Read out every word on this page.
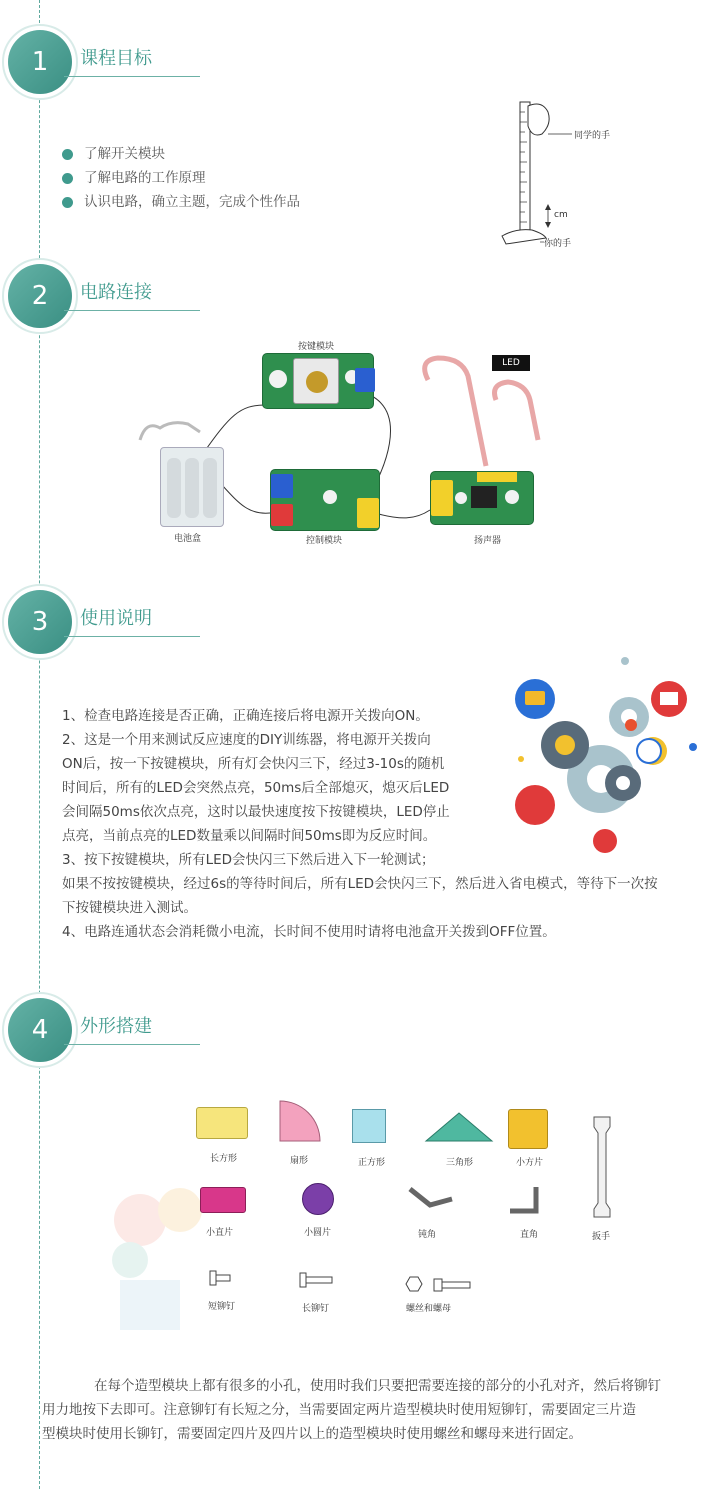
1	课程目标
了解开关模块
了解电路的工作原理
认识电路，确立主题，完成个性作品
同学的手
cm
你的手
2	电路连接
按键模块
电池盒	控制模块	扬声器
LED
3	使用说明
1、检查电路连接是否正确，正确连接后将电源开关拨向ON。
2、这是一个用来测试反应速度的DIY训练器，将电源开关拨向
ON后，按一下按键模块，所有灯会快闪三下，经过3-10s的随机
时间后，所有的LED会突然点亮，50ms后全部熄灭，熄灭后LED
会间隔50ms依次点亮，这时以最快速度按下按键模块，LED停止
点亮，当前点亮的LED数量乘以间隔时间50ms即为反应时间。
3、按下按键模块，所有LED会快闪三下然后进入下一轮测试；
如果不按按键模块，经过6s的等待时间后，所有LED会快闪三下，然后进入省电模式，等待下一次按
下按键模块进入测试。
4、电路连通状态会消耗微小电流，长时间不使用时请将电池盒开关拨到OFF位置。
4	外形搭建
长方形	扇形	正方形	三角形	小方片
扳手
小直片	小圆片	钝角	直角
短铆钉	长铆钉	螺丝和螺母
在每个造型模块上都有很多的小孔，使用时我们只要把需要连接的部分的小孔对齐，然后将铆钉
用力地按下去即可。注意铆钉有长短之分，当需要固定两片造型模块时使用短铆钉，需要固定三片造
型模块时使用长铆钉，需要固定四片及四片以上的造型模块时使用螺丝和螺母来进行固定。
